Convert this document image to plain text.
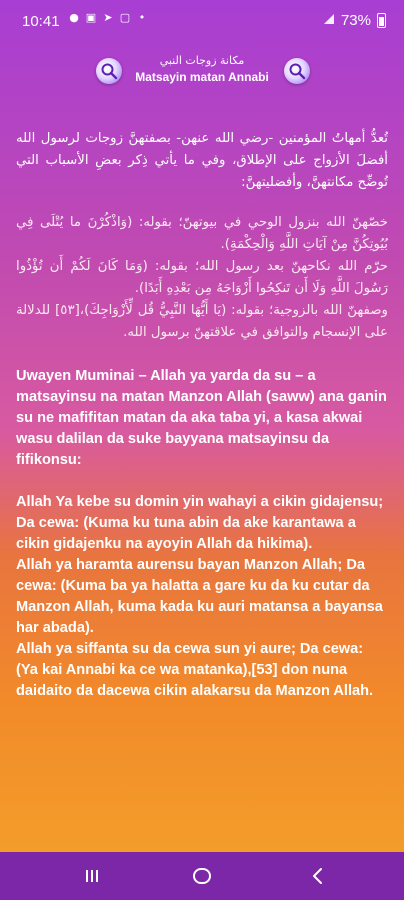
10:41 ● ▣ ➤ ▢ •	73%
مكانة زوجات النبي
Matsayin matan Annabi

تُعدُّ أمهاتُ المؤمنين -رضي الله عنهن- بصفتهنَّ زوجات لرسول الله أفضلَ الأزواج على الإطلاق، وفي ما يأتي ذِكر بعضِ الأسباب التي تُوضِّح مكانتهنَّ، وأفضليتهنَّ:

خصّهنّ الله بنزول الوحي في بيوتهنّ؛ بقوله: (وَاذْكُرْنَ ما يُتْلَى فِي بُيُوتِكُنَّ مِنْ آيَاتِ اللَّهِ وَالْحِكْمَةِ).

حرّم الله نكاحهنّ بعد رسول الله؛ بقوله: (وَمَا كَانَ لَكُمْ أَن تُؤْذُوا رَسُولَ اللَّهِ وَلَا أَن تَنكِحُوا أَزْوَاجَهُ مِن بَعْدِهِ أَبَدًا).

وصفهنّ الله بالزوجية؛ بقوله: (يَا أَيُّهَا النَّبِيُّ قُل لِّأَزْوَاجِكَ)،[٥٣] للدلالة على الإنسجام والتوافق في علاقتهنّ برسول الله.

Uwayen Muminai – Allah ya yarda da su – a matsayinsu na matan Manzon Allah (saww) ana ganin su ne mafifitan matan da aka taba yi, a kasa akwai wasu dalilan da suke bayyana matsayinsu da fifikonsu:

Allah Ya kebe su domin yin wahayi a cikin gidajensu; Da cewa: (Kuma ku tuna abin da ake karantawa a cikin gidajenku na ayoyin Allah da hikima).

Allah ya haramta aurensu bayan Manzon Allah; Da cewa: (Kuma ba ya halatta a gare ku da ku cutar da Manzon Allah, kuma kada ku auri matansa a bayansa har abada).

Allah ya siffanta su da cewa sun yi aure; Da cewa: (Ya kai Annabi ka ce wa matanka),[53] don nuna daidaito da dacewa cikin alakarsu da Manzon Allah.
